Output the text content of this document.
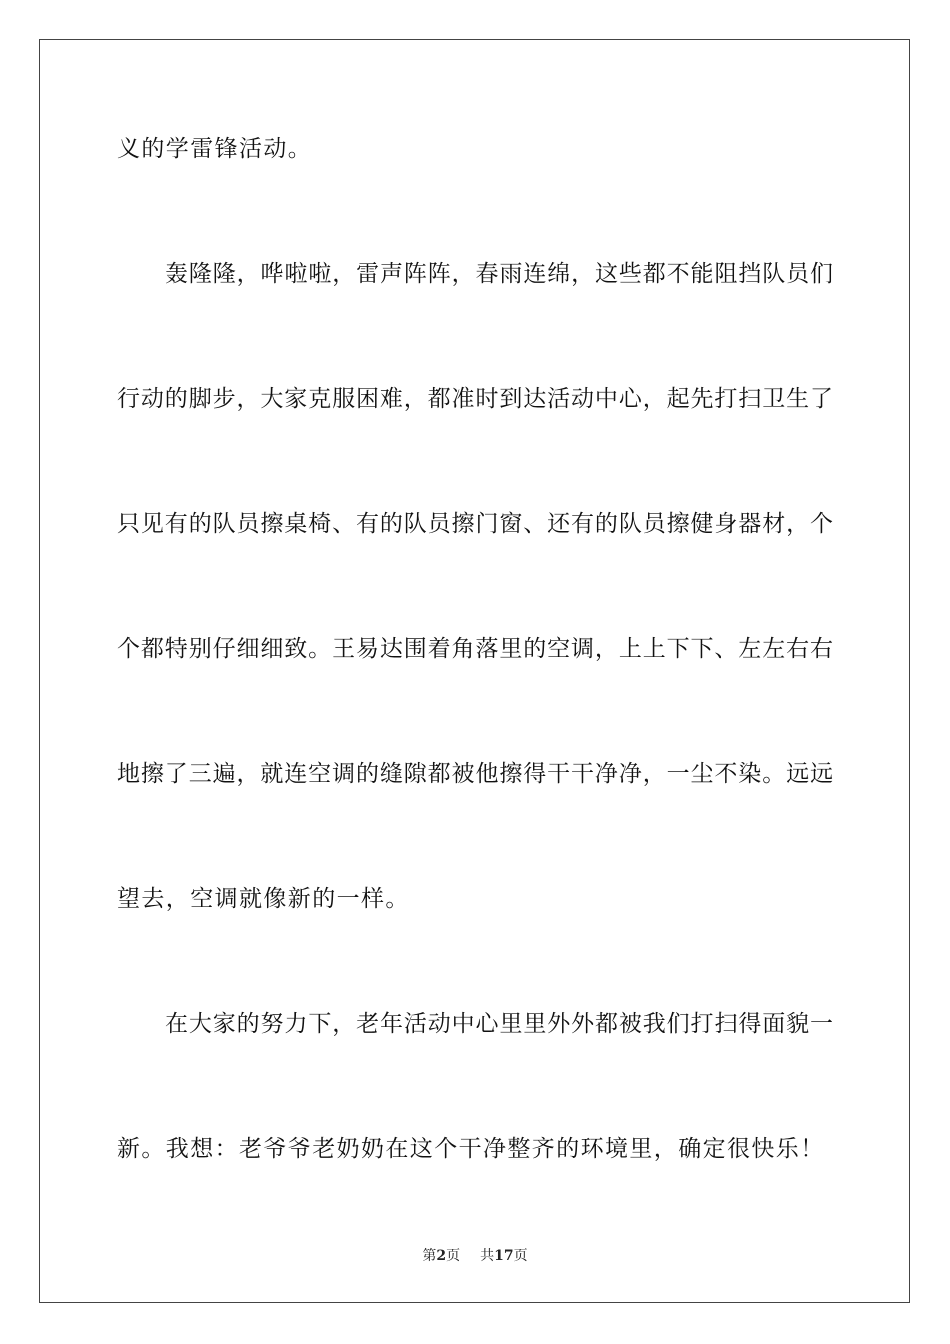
义的学雷锋活动。
轰隆隆，哗啦啦，雷声阵阵，春雨连绵，这些都不能阻挡队员们
行动的脚步，大家克服困难，都准时到达活动中心，起先打扫卫生了
只见有的队员擦桌椅、有的队员擦门窗、还有的队员擦健身器材，个
个都特别仔细细致。王易达围着角落里的空调，上上下下、左左右右
地擦了三遍，就连空调的缝隙都被他擦得干干净净，一尘不染。远远
望去，空调就像新的一样。
在大家的努力下，老年活动中心里里外外都被我们打扫得面貌一
新。我想：老爷爷老奶奶在这个干净整齐的环境里，确定很快乐！
第2页 共17页
